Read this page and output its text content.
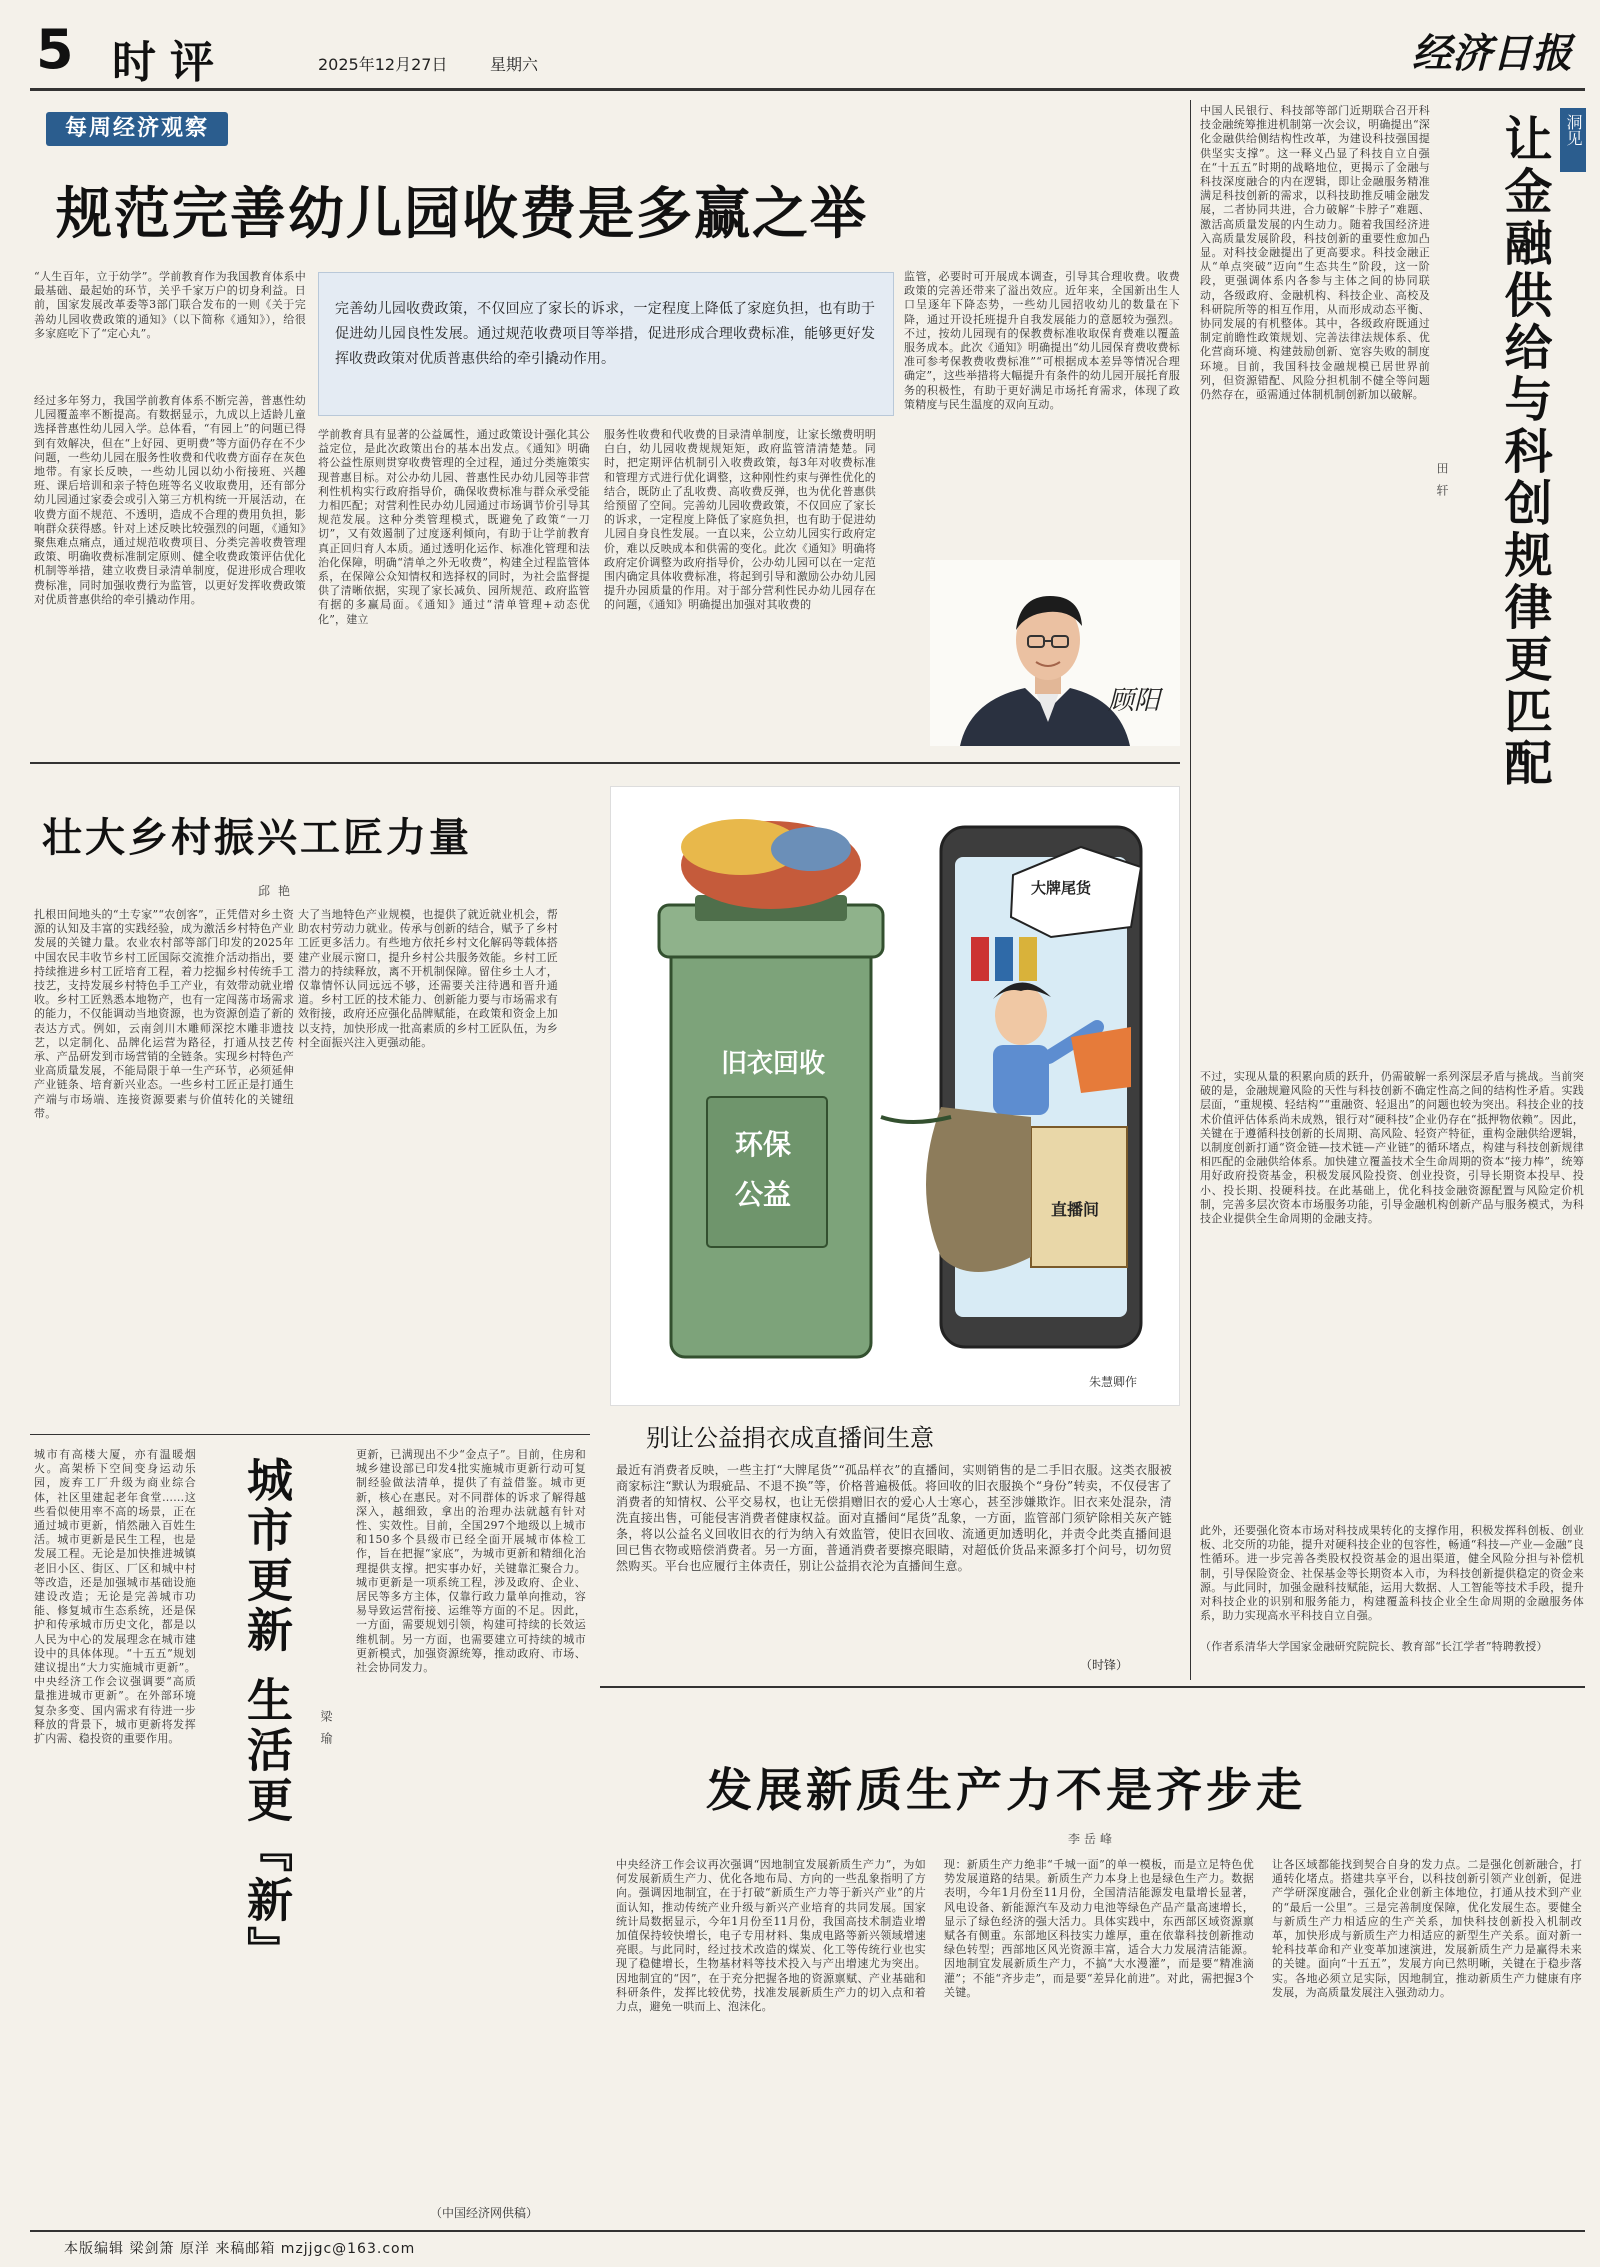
5 时评	2025年12月27日	星期六	经济日报
每周经济观察
规范完善幼儿园收费是多赢之举
完善幼儿园收费政策，不仅回应了家长的诉求，一定程度上降低了家庭负担，也有助于促进幼儿园良性发展。通过规范收费项目等举措，促进形成合理收费标准，能够更好发挥收费政策对优质普惠供给的牵引撬动作用。
“人生百年，立于幼学”。学前教育作为我国教育体系中最基础、最起始的环节，关乎千家万户的切身利益。日前，国家发展改革委等3部门联合发布的一则《关于完善幼儿园收费政策的通知》（以下简称《通知》），给很多家庭吃下了“定心丸”。
经过多年努力，我国学前教育体系不断完善，普惠性幼儿园覆盖率不断提高。有数据显示，九成以上适龄儿童选择普惠性幼儿园入学。总体看，“有园上”的问题已得到有效解决，但在“上好园、更明费”等方面仍存在不少问题，一些幼儿园在服务性收费和代收费方面存在灰色地带。有家长反映，一些幼儿园以幼小衔接班、兴趣班、课后培训和亲子特色班等名义收取费用，还有部分幼儿园通过家委会或引入第三方机构统一开展活动，在收费方面不规范、不透明，造成不合理的费用负担，影响群众获得感。针对上述反映比较强烈的问题，《通知》聚焦难点痛点，通过规范收费项目、分类完善收费管理政策、明确收费标准制定原则、健全收费政策评估优化机制等举措，建立收费目录清单制度，促进形成合理收费标准，同时加强收费行为监管，以更好发挥收费政策对优质普惠供给的牵引撬动作用。
学前教育具有显著的公益属性，通过政策设计强化其公益定位，是此次政策出台的基本出发点。《通知》明确将公益性原则贯穿收费管理的全过程，通过分类施策实现普惠目标。对公办幼儿园、普惠性民办幼儿园等非营利性机构实行政府指导价，确保收费标准与群众承受能力相匹配；对营利性民办幼儿园通过市场调节价引导其规范发展。这种分类管理模式，既避免了政策“一刀切”，又有效遏制了过度逐利倾向，有助于让学前教育真正回归育人本质。通过透明化运作、标准化管理和法治化保障，明确“清单之外无收费”，构建全过程监管体系，在保障公众知情权和选择权的同时，为社会监督提供了清晰依据，实现了家长减负、园所规范、政府监管有据的多赢局面。《通知》通过“清单管理+动态优化”，建立
服务性收费和代收费的目录清单制度，让家长缴费明明白白，幼儿园收费规规矩矩，政府监管清清楚楚。同时，把定期评估机制引入收费政策，每3年对收费标准和管理方式进行优化调整，这种刚性约束与弹性优化的结合，既防止了乱收费、高收费反弹，也为优化普惠供给预留了空间。完善幼儿园收费政策，不仅回应了家长的诉求，一定程度上降低了家庭负担，也有助于促进幼儿园自身良性发展。一直以来，公立幼儿园实行政府定价，难以反映成本和供需的变化。此次《通知》明确将政府定价调整为政府指导价，公办幼儿园可以在一定范围内确定具体收费标准，将起到引导和激励公办幼儿园提升办园质量的作用。对于部分营利性民办幼儿园存在的问题，《通知》明确提出加强对其收费的
监管，必要时可开展成本调查，引导其合理收费。收费政策的完善还带来了溢出效应。近年来，全国新出生人口呈逐年下降态势，一些幼儿园招收幼儿的数量在下降，通过开设托班提升自我发展能力的意愿较为强烈。不过，按幼儿园现有的保教费标准收取保育费难以覆盖服务成本。此次《通知》明确提出“幼儿园保育费收费标准可参考保教费收费标准”“可根据成本差异等情况合理确定”，这些举措将大幅提升有条件的幼儿园开展托育服务的积极性，有助于更好满足市场托育需求，体现了政策精度与民生温度的双向互动。
顾阳
壮大乡村振兴工匠力量
邱艳
扎根田间地头的“土专家”“农创客”，正凭借对乡土资源的认知及丰富的实践经验，成为激活乡村特色产业发展的关键力量。农业农村部等部门印发的2025年中国农民丰收节乡村工匠国际交流推介活动指出，要持续推进乡村工匠培育工程，着力挖掘乡村传统手工技艺，支持发展乡村特色手工产业，有效带动就业增收。乡村工匠熟悉本地物产，也有一定闯荡市场需求的能力，不仅能调动当地资源，也为资源创造了新的表达方式。例如，云南剑川木雕师深挖木雕非遗技艺，以定制化、品牌化运营为路径，打通从技艺传承、产品研发到市场营销的全链条。实现乡村特色产业高质量发展，不能局限于单一生产环节，必须延伸产业链条、培育新兴业态。一些乡村工匠正是打通生产端与市场端、连接资源要素与价值转化的关键纽带。
大了当地特色产业规模，也提供了就近就业机会，帮助农村劳动力就业。传承与创新的结合，赋予了乡村工匠更多活力。有些地方依托乡村文化解码等载体搭建产业展示窗口，提升乡村公共服务效能。乡村工匠潜力的持续释放，离不开机制保障。留住乡土人才，仅靠情怀认同远远不够，还需要关注待遇和晋升通道。乡村工匠的技术能力、创新能力要与市场需求有效衔接，政府还应强化品牌赋能，在政策和资金上加以支持，加快形成一批高素质的乡村工匠队伍，为乡村全面振兴注入更强动能。
城市有高楼大厦，亦有温暖烟火。高架桥下空间变身运动乐园，废弃工厂升级为商业综合体，社区里建起老年食堂……这些看似使用率不高的场景，正在通过城市更新，悄然融入百姓生活。城市更新是民生工程，也是发展工程。无论是加快推进城镇老旧小区、街区、厂区和城中村等改造，还是加强城市基础设施建设改造；无论是完善城市功能、修复城市生态系统，还是保护和传承城市历史文化，都是以人民为中心的发展理念在城市建设中的具体体现。“十五五”规划建议提出“大力实施城市更新”。中央经济工作会议强调要“高质量推进城市更新”。在外部环境复杂多变、国内需求有待进一步释放的背景下，城市更新将发挥扩内需、稳投资的重要作用。	城市更新 生活更『新』	梁瑜
更新，已满现出不少“金点子”。目前，住房和城乡建设部已印发4批实施城市更新行动可复制经验做法清单，提供了有益借鉴。城市更新，核心在惠民。对不同群体的诉求了解得越深入，越细致，拿出的治理办法就越有针对性、实效性。目前，全国297个地级以上城市和150多个县级市已经全面开展城市体检工作，旨在把握“家底”，为城市更新和精细化治理提供支撑。把实事办好，关键靠汇聚合力。城市更新是一项系统工程，涉及政府、企业、居民等多方主体，仅靠行政力量单向推动，容易导致运营衔接、运维等方面的不足。因此，一方面，需要规划引领，构建可持续的长效运维机制。另一方面，也需要建立可持续的城市更新模式，加强资源统筹，推动政府、市场、社会协同发力。
（中国经济网供稿）
大牌尾货
旧衣回收
环保
公益	直播间
朱慧卿作
别让公益捐衣成直播间生意
最近有消费者反映，一些主打“大牌尾货”“孤品样衣”的直播间，实则销售的是二手旧衣服。这类衣服被商家标注“默认为瑕疵品、不退不换”等，价格普遍极低。将回收的旧衣服换个“身份”转卖，不仅侵害了消费者的知情权、公平交易权，也让无偿捐赠旧衣的爱心人士寒心，甚至涉嫌欺诈。旧衣来处混杂，清洗直接出售，可能侵害消费者健康权益。面对直播间“尾货”乱象，一方面，监管部门须铲除相关灰产链条，将以公益名义回收旧衣的行为纳入有效监管，使旧衣回收、流通更加透明化，并责令此类直播间退回已售衣物或赔偿消费者。另一方面，普通消费者要擦亮眼睛，对超低价货品来源多打个问号，切勿贸然购买。平台也应履行主体责任，别让公益捐衣沦为直播间生意。
（时锋）
洞见
让金融供给与科创规律更匹配
田轩
中国人民银行、科技部等部门近期联合召开科技金融统筹推进机制第一次会议，明确提出“深化金融供给侧结构性改革，为建设科技强国提供坚实支撑”。这一释义凸显了科技自立自强在“十五五”时期的战略地位，更揭示了金融与科技深度融合的内在逻辑，即让金融服务精准满足科技创新的需求，以科技助推反哺金融发展，二者协同共进，合力破解“卡脖子”难题、激活高质量发展的内生动力。随着我国经济进入高质量发展阶段，科技创新的重要性愈加凸显。对科技金融提出了更高要求。科技金融正从“单点突破”迈向“生态共生”阶段，这一阶段，更强调体系内各参与主体之间的协同联动，各级政府、金融机构、科技企业、高校及科研院所等的相互作用，从而形成动态平衡、协同发展的有机整体。其中，各级政府既通过制定前瞻性政策规划、完善法律法规体系、优化营商环境、构建鼓励创新、宽容失败的制度环境。目前，我国科技金融规模已居世界前列，但资源错配、风险分担机制不健全等问题仍然存在，亟需通过体制机制创新加以破解。
不过，实现从量的积累向质的跃升，仍需破解一系列深层矛盾与挑战。当前突破的是，金融规避风险的天性与科技创新不确定性高之间的结构性矛盾。实践层面，“重规模、轻结构”“重融资、轻退出”的问题也较为突出。科技企业的技术价值评估体系尚未成熟，银行对“硬科技”企业仍存在“抵押物依赖”。因此，关键在于遵循科技创新的长周期、高风险、轻资产特征，重构金融供给逻辑，以制度创新打通“资金链—技术链—产业链”的循环堵点，构建与科技创新规律相匹配的金融供给体系。加快建立覆盖技术全生命周期的资本“接力棒”，统筹用好政府投资基金，积极发展风险投资、创业投资，引导长期资本投早、投小、投长期、投硬科技。在此基础上，优化科技金融资源配置与风险定价机制，完善多层次资本市场服务功能，引导金融机构创新产品与服务模式，为科技企业提供全生命周期的金融支持。
此外，还要强化资本市场对科技成果转化的支撑作用，积极发挥科创板、创业板、北交所的功能，提升对硬科技企业的包容性，畅通“科技—产业—金融”良性循环。进一步完善各类股权投资基金的退出渠道，健全风险分担与补偿机制，引导保险资金、社保基金等长期资本入市，为科技创新提供稳定的资金来源。与此同时，加强金融科技赋能，运用大数据、人工智能等技术手段，提升对科技企业的识别和服务能力，构建覆盖科技企业全生命周期的金融服务体系，助力实现高水平科技自立自强。
（作者系清华大学国家金融研究院院长、教育部“长江学者”特聘教授）
发展新质生产力不是齐步走
李岳峰
中央经济工作会议再次强调“因地制宜发展新质生产力”，为如何发展新质生产力、优化各地布局、方向的一些乱象指明了方向。强调因地制宜，在于打破“新质生产力等于新兴产业”的片面认知，推动传统产业升级与新兴产业培育的共同发展。国家统计局数据显示，今年1月份至11月份，我国高技术制造业增加值保持较快增长，电子专用材料、集成电路等新兴领域增速亮眼。与此同时，经过技术改造的煤炭、化工等传统行业也实现了稳健增长，生物基材料等技术投入与产出增速尤为突出。因地制宜的“因”，在于充分把握各地的资源禀赋、产业基础和科研条件，发挥比较优势，找准发展新质生产力的切入点和着力点，避免一哄而上、泡沫化。
现：新质生产力绝非“千城一面”的单一模板，而是立足特色优势发展道路的结果。新质生产力本身上也是绿色生产力。数据表明，今年1月份至11月份，全国清洁能源发电量增长显著，风电设备、新能源汽车及动力电池等绿色产品产量高速增长，显示了绿色经济的强大活力。具体实践中，东西部区域资源禀赋各有侧重。东部地区科技实力雄厚，重在依靠科技创新推动绿色转型；西部地区风光资源丰富，适合大力发展清洁能源。因地制宜发展新质生产力，不搞“大水漫灌”，而是要“精准滴灌”；不能“齐步走”，而是要“差异化前进”。对此，需把握3个关键。
让各区域都能找到契合自身的发力点。二是强化创新融合，打通转化堵点。搭建共享平台，以科技创新引领产业创新，促进产学研深度融合，强化企业创新主体地位，打通从技术到产业的“最后一公里”。三是完善制度保障，优化发展生态。要健全与新质生产力相适应的生产关系，加快科技创新投入机制改革，加快形成与新质生产力相适应的新型生产关系。面对新一轮科技革命和产业变革加速演进，发展新质生产力是赢得未来的关键。面向“十五五”，发展方向已然明晰，关键在于稳步落实。各地必须立足实际，因地制宜，推动新质生产力健康有序发展，为高质量发展注入强劲动力。
本版编辑 梁剑箫 原洋 来稿邮箱 mzjjgc@163.com
